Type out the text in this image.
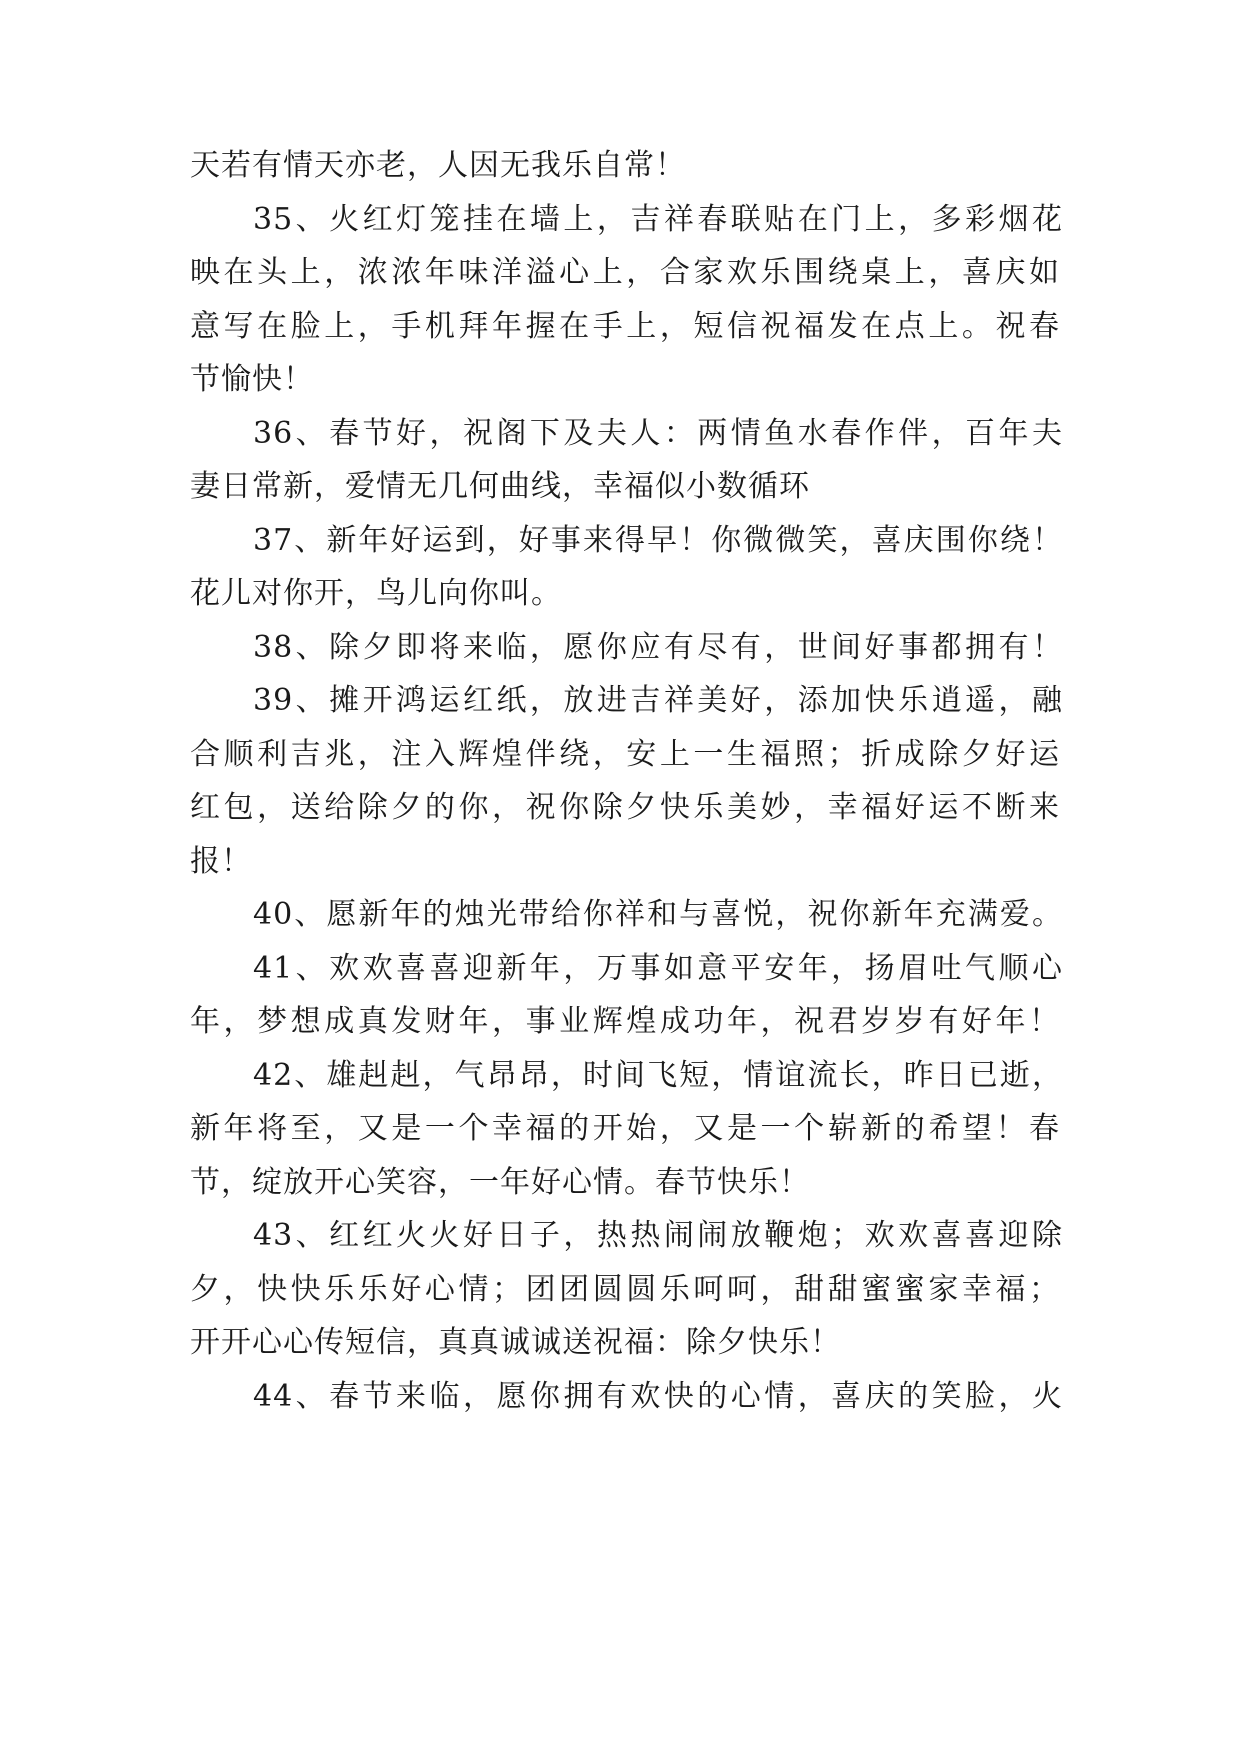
天若有情天亦老，人因无我乐自常！
35、火红灯笼挂在墙上，吉祥春联贴在门上，多彩烟花
映在头上，浓浓年味洋溢心上，合家欢乐围绕桌上，喜庆如
意写在脸上，手机拜年握在手上，短信祝福发在点上。祝春
节愉快！
36、春节好，祝阁下及夫人：两情鱼水春作伴，百年夫
妻日常新，爱情无几何曲线，幸福似小数循环
37、新年好运到，好事来得早！你微微笑，喜庆围你绕！
花儿对你开，鸟儿向你叫。
38、除夕即将来临，愿你应有尽有，世间好事都拥有！
39、摊开鸿运红纸，放进吉祥美好，添加快乐逍遥，融
合顺利吉兆，注入辉煌伴绕，安上一生福照；折成除夕好运
红包，送给除夕的你，祝你除夕快乐美妙，幸福好运不断来
报！
40、愿新年的烛光带给你祥和与喜悦，祝你新年充满爱。
41、欢欢喜喜迎新年，万事如意平安年，扬眉吐气顺心
年，梦想成真发财年，事业辉煌成功年，祝君岁岁有好年！
42、雄赳赳，气昂昂，时间飞短，情谊流长，昨日已逝，
新年将至，又是一个幸福的开始，又是一个崭新的希望！春
节，绽放开心笑容，一年好心情。春节快乐！
43、红红火火好日子，热热闹闹放鞭炮；欢欢喜喜迎除
夕，快快乐乐好心情；团团圆圆乐呵呵，甜甜蜜蜜家幸福；
开开心心传短信，真真诚诚送祝福：除夕快乐！
44、春节来临，愿你拥有欢快的心情，喜庆的笑脸，火
